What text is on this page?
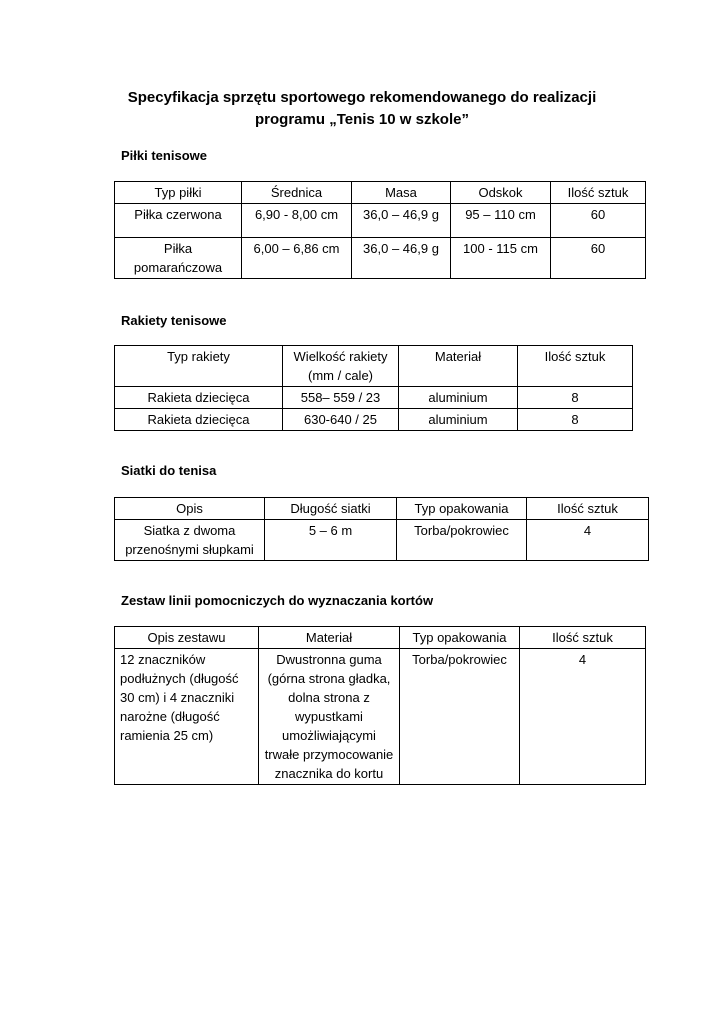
Specyfikacja sprzętu sportowego rekomendowanego do realizacji
programu „Tenis 10 w szkole”
Piłki tenisowe
Typ piłki	Średnica	Masa	Odskok	Ilość sztuk
Piłka czerwona	6,90 - 8,00 cm	36,0 – 46,9 g	95 – 110 cm	60
Piłka pomarańczowa	6,00 – 6,86 cm	36,0 – 46,9 g	100 - 115 cm	60
Rakiety tenisowe
Typ rakiety	Wielkość rakiety (mm / cale)	Materiał	Ilość sztuk
Rakieta dziecięca	558– 559 / 23	aluminium	8
Rakieta dziecięca	630-640 / 25	aluminium	8
Siatki do tenisa
Opis	Długość siatki	Typ opakowania	Ilość sztuk
Siatka z dwoma przenośnymi słupkami	5 – 6 m	Torba/pokrowiec	4
Zestaw linii pomocniczych do wyznaczania kortów
Opis zestawu	Materiał	Typ opakowania	Ilość sztuk
12 znaczników podłużnych (długość 30 cm) i 4 znaczniki narożne (długość ramienia 25 cm)	Dwustronna guma (górna strona gładka, dolna strona z wypustkami umożliwiającymi trwałe przymocowanie znacznika do kortu	Torba/pokrowiec	4
